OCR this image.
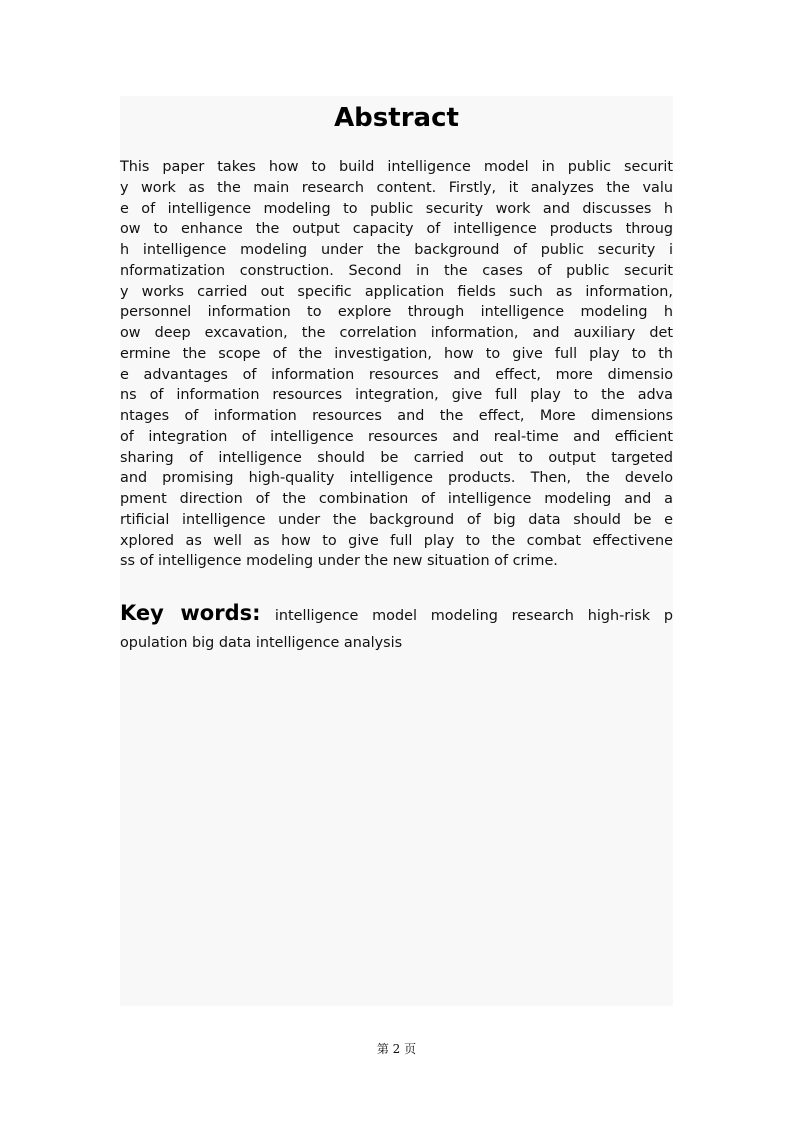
Abstract
This paper takes how to build intelligence model in public securit
y work as the main research content. Firstly, it analyzes the valu
e of intelligence modeling to public security work and discusses h
ow to enhance the output capacity of intelligence products throug
h intelligence modeling under the background of public security i
nformatization construction. Second in the cases of public securit
y works carried out specific application fields such as information,
personnel information to explore through intelligence modeling h
ow deep excavation, the correlation information, and auxiliary det
ermine the scope of the investigation, how to give full play to th
e advantages of information resources and effect, more dimensio
ns of information resources integration, give full play to the adva
ntages of information resources and the effect, More dimensions
of integration of intelligence resources and real-time and efficient
sharing of intelligence should be carried out to output targeted
and promising high-quality intelligence products. Then, the develo
pment direction of the combination of intelligence modeling and a
rtificial intelligence under the background of big data should be e
xplored as well as how to give full play to the combat effectivene
ss of intelligence modeling under the new situation of crime.
Key words: intelligence model modeling research high-risk p
opulation big data intelligence analysis
第 2 页
